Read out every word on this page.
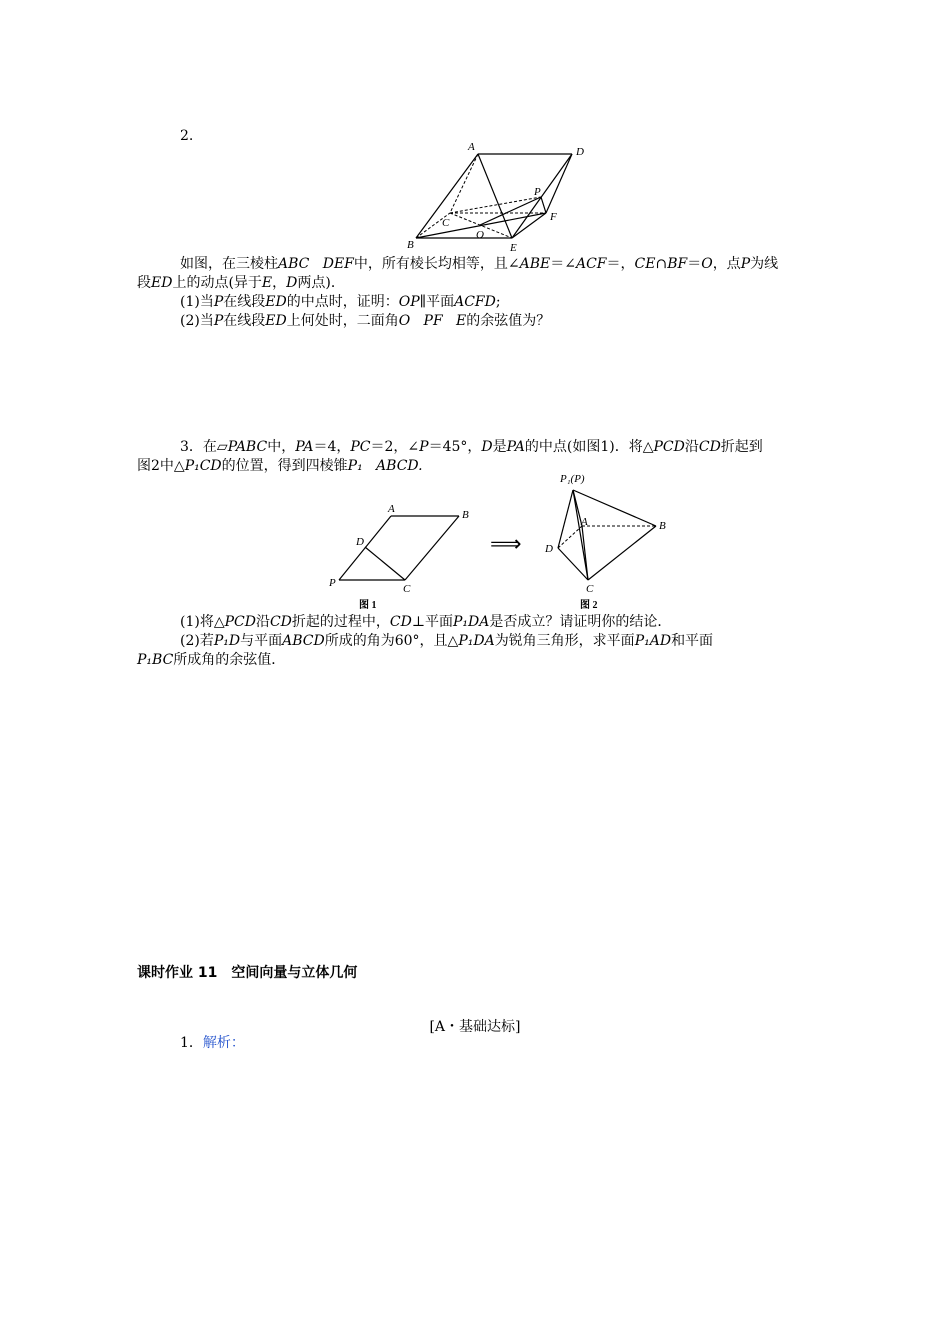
2.
A	D
P
C	F
O
B	E
如图，在三棱柱ABC   DEF中，所有棱长均相等，且∠ABE＝∠ACF＝，CE∩BF＝O，点P为线
段ED上的动点(异于E，D两点)．
(1)当P在线段ED的中点时，证明：OP∥平面ACFD;
(2)当P在线段ED上何处时，二面角O   PF   E的余弦值为？
3．在▱PABC中，PA＝4，PC＝2，∠P＝45°，D是PA的中点(如图1)．将△PCD沿CD折起到
图2中△P₁CD的位置，得到四棱锥P₁   ABCD.
A	B
D
P	C
图 1
⟹
P₁(P)
A	B
D
C
图 2
(1)将△PCD沿CD折起的过程中，CD⊥平面P₁DA是否成立？请证明你的结论．
(2)若P₁D与平面ABCD所成的角为60°，且△P₁DA为锐角三角形，求平面P₁AD和平面
P₁BC所成角的余弦值．
课时作业 11　空间向量与立体几何
[A・基础达标]
1．解析：
